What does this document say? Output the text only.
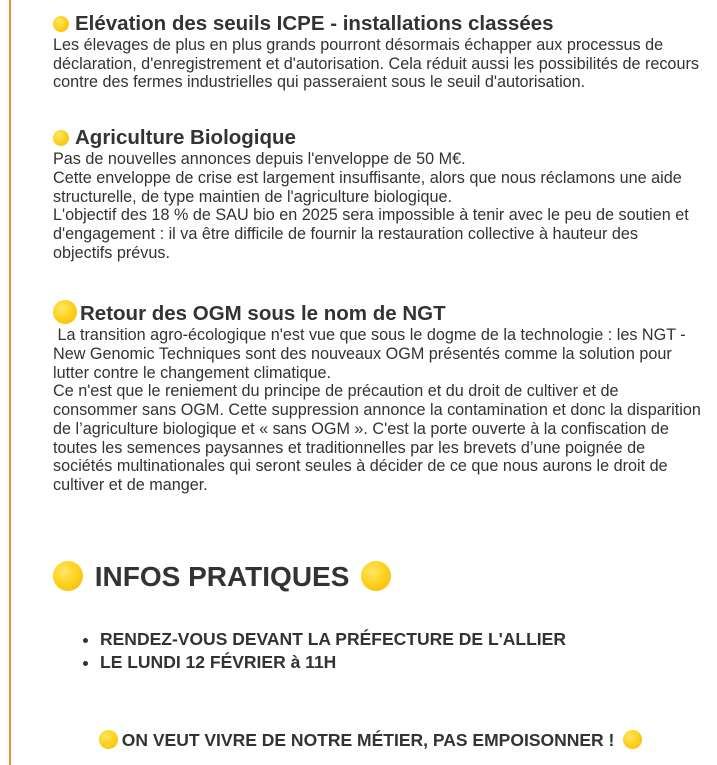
Elévation des seuils ICPE - installations classées

Les élevages de plus en plus grands pourront désormais échapper aux processus de déclaration, d'enregistrement et d'autorisation. Cela réduit aussi les possibilités de recours contre des fermes industrielles qui passeraient sous le seuil d'autorisation.

Agriculture Biologique

Pas de nouvelles annonces depuis l'enveloppe de 50 M€.

Cette enveloppe de crise est largement insuffisante, alors que nous réclamons une aide structurelle, de type maintien de l'agriculture biologique.

L'objectif des 18 % de SAU bio en 2025 sera impossible à tenir avec le peu de soutien et d'engagement : il va être difficile de fournir la restauration collective à hauteur des objectifs prévus.

Retour des OGM sous le nom de NGT

La transition agro-écologique n'est vue que sous le dogme de la technologie : les NGT - New Genomic Techniques sont des nouveaux OGM présentés comme la solution pour lutter contre le changement climatique.

Ce n'est que le reniement du principe de précaution et du droit de cultiver et de consommer sans OGM. Cette suppression annonce la contamination et donc la disparition de l’agriculture biologique et « sans OGM ». C'est la porte ouverte à la confiscation de toutes les semences paysannes et traditionnelles par les brevets d’une poignée de sociétés multinationales qui seront seules à décider de ce que nous aurons le droit de cultiver et de manger.

INFOS PRATIQUES
• RENDEZ-VOUS DEVANT LA PRÉFECTURE DE L'ALLIER
• LE LUNDI 12 FÉVRIER à 11H
ON VEUT VIVRE DE NOTRE MÉTIER, PAS EMPOISONNER !
